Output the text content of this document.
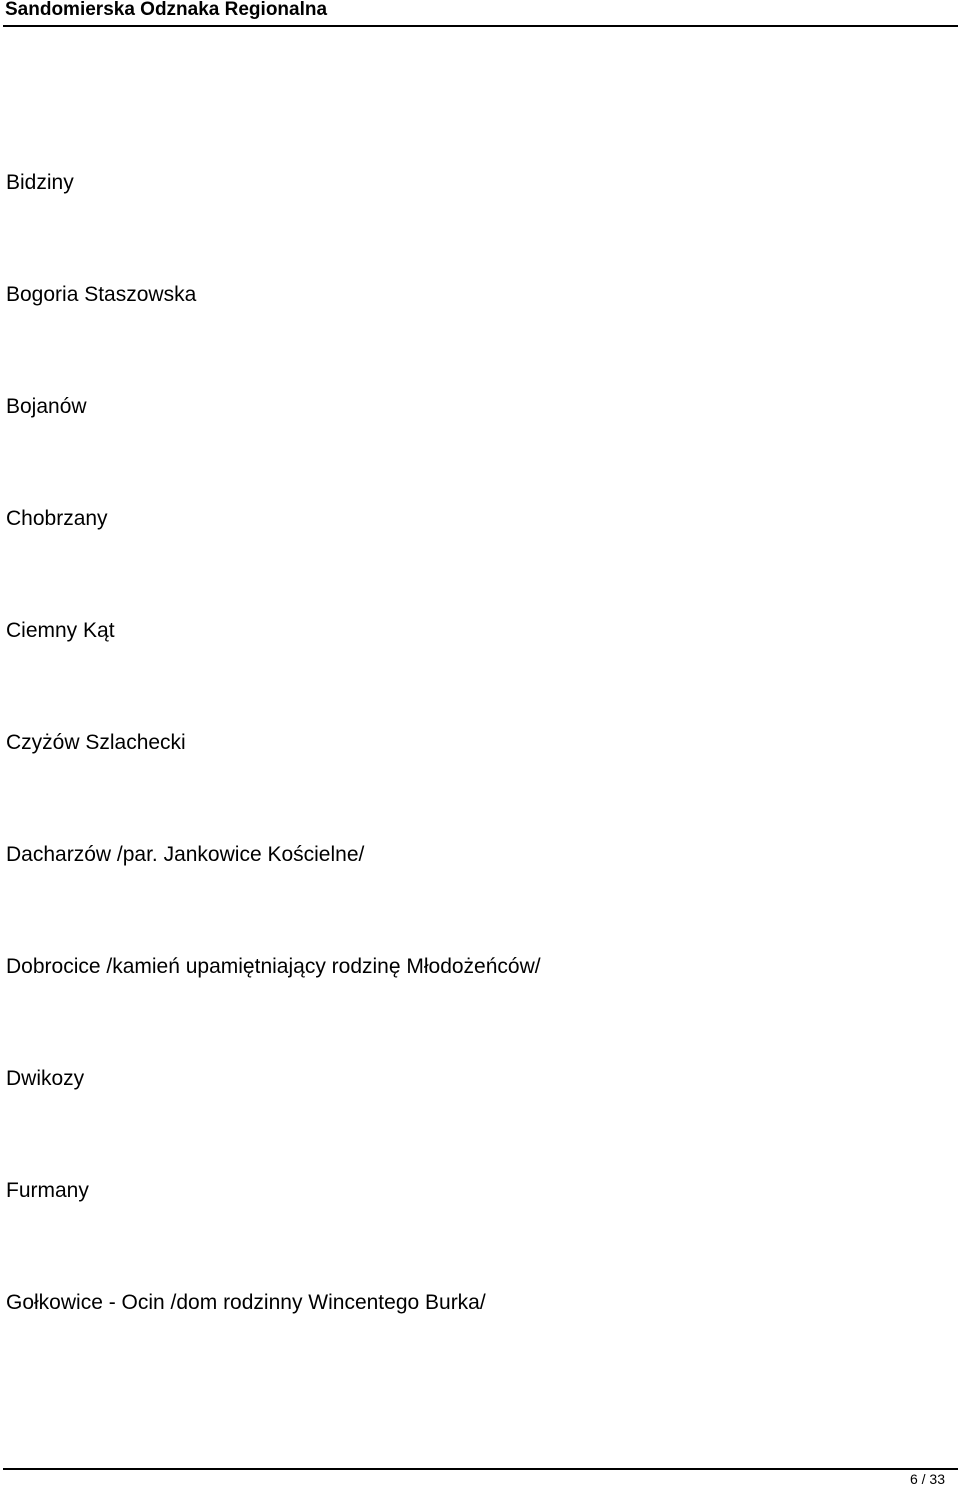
Sandomierska Odznaka Regionalna
Bidziny
Bogoria Staszowska
Bojanów
Chobrzany
Ciemny Kąt
Czyżów Szlachecki
Dacharzów /par. Jankowice Kościelne/
Dobrocice /kamień upamiętniający rodzinę Młodożeńców/
Dwikozy
Furmany
Gołkowice - Ocin /dom rodzinny Wincentego Burka/
6 / 33
